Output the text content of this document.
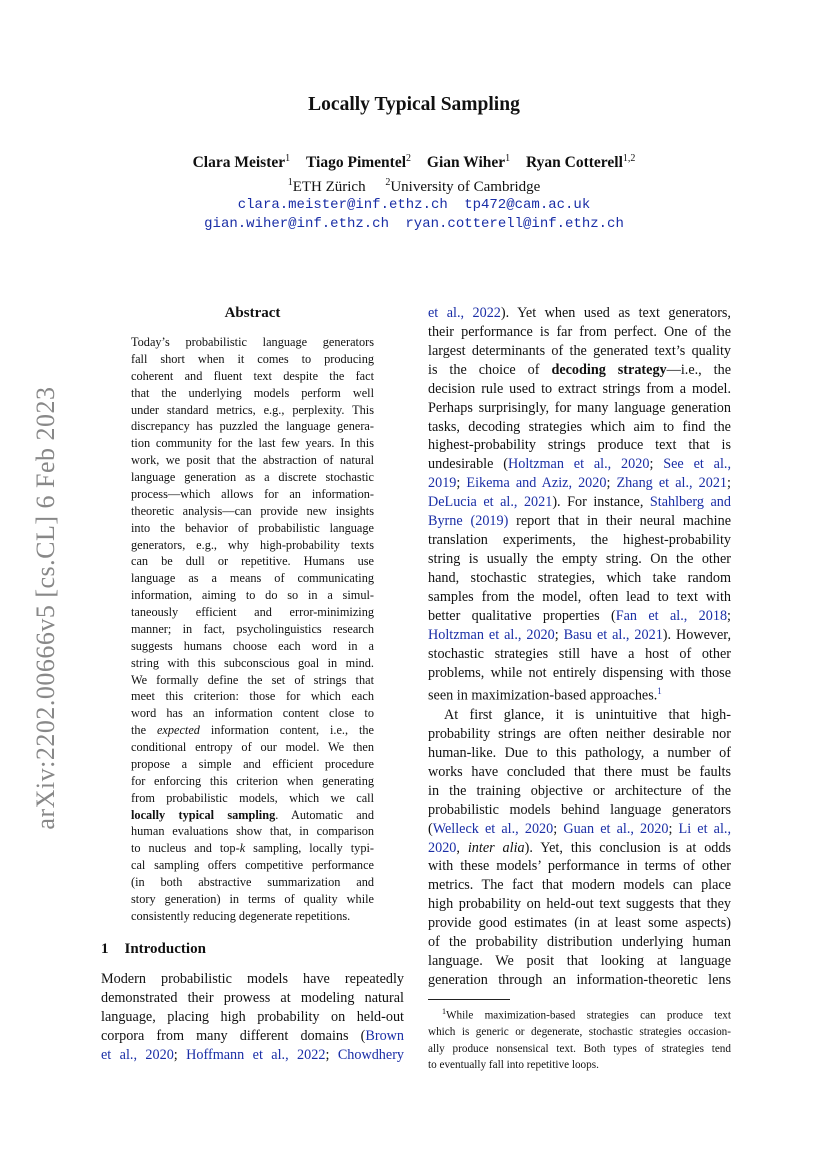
arXiv:2202.00666v5 [cs.CL] 6 Feb 2023
Locally Typical Sampling
Clara Meister$^1$ Tiago Pimentel$^2$ Gian Wiher$^1$ Ryan Cotterell$^{1,2}$
$^1$ETH Zürich $^2$University of Cambridge
clara.meister@inf.ethz.ch tp472@cam.ac.uk
gian.wiher@inf.ethz.ch ryan.cotterell@inf.ethz.ch
Abstract
Today’s probabilistic language generators
fall short when it comes to producing
coherent and fluent text despite the fact
that the underlying models perform well
under standard metrics, e.g., perplexity. This
discrepancy has puzzled the language genera-
tion community for the last few years. In this
work, we posit that the abstraction of natural
language generation as a discrete stochastic
process—which allows for an information-
theoretic analysis—can provide new insights
into the behavior of probabilistic language
generators, e.g., why high-probability texts
can be dull or repetitive. Humans use
language as a means of communicating
information, aiming to do so in a simul-
taneously efficient and error-minimizing
manner; in fact, psycholinguistics research
suggests humans choose each word in a
string with this subconscious goal in mind.
We formally define the set of strings that
meet this criterion: those for which each
word has an information content close to
the expected information content, i.e., the
conditional entropy of our model. We then
propose a simple and efficient procedure
for enforcing this criterion when generating
from probabilistic models, which we call
locally typical sampling. Automatic and
human evaluations show that, in comparison
to nucleus and top-k sampling, locally typi-
cal sampling offers competitive performance
(in both abstractive summarization and
story generation) in terms of quality while
consistently reducing degenerate repetitions.
1 Introduction
Modern probabilistic models have repeatedly
demonstrated their prowess at modeling natural
language, placing high probability on held-out
corpora from many different domains (Brown
et al., 2020; Hoffmann et al., 2022; Chowdhery
et al., 2022). Yet when used as text generators,
their performance is far from perfect. One of the
largest determinants of the generated text’s quality
is the choice of decoding strategy—i.e., the
decision rule used to extract strings from a model.
Perhaps surprisingly, for many language generation
tasks, decoding strategies which aim to find the
highest-probability strings produce text that is
undesirable (Holtzman et al., 2020; See et al.,
2019; Eikema and Aziz, 2020; Zhang et al., 2021;
DeLucia et al., 2021). For instance, Stahlberg and
Byrne (2019) report that in their neural machine
translation experiments, the highest-probability
string is usually the empty string. On the other
hand, stochastic strategies, which take random
samples from the model, often lead to text with
better qualitative properties (Fan et al., 2018;
Holtzman et al., 2020; Basu et al., 2021). However,
stochastic strategies still have a host of other
problems, while not entirely dispensing with those
seen in maximization-based approaches.$^1$
At first glance, it is unintuitive that high-
probability strings are often neither desirable nor
human-like. Due to this pathology, a number of
works have concluded that there must be faults
in the training objective or architecture of the
probabilistic models behind language generators
(Welleck et al., 2020; Guan et al., 2020; Li et al.,
2020, inter alia). Yet, this conclusion is at odds
with these models’ performance in terms of other
metrics. The fact that modern models can place
high probability on held-out text suggests that they
provide good estimates (in at least some aspects)
of the probability distribution underlying human
language. We posit that looking at language
generation through an information-theoretic lens
$^1$While maximization-based strategies can produce text
which is generic or degenerate, stochastic strategies occasion-
ally produce nonsensical text. Both types of strategies tend
to eventually fall into repetitive loops.
